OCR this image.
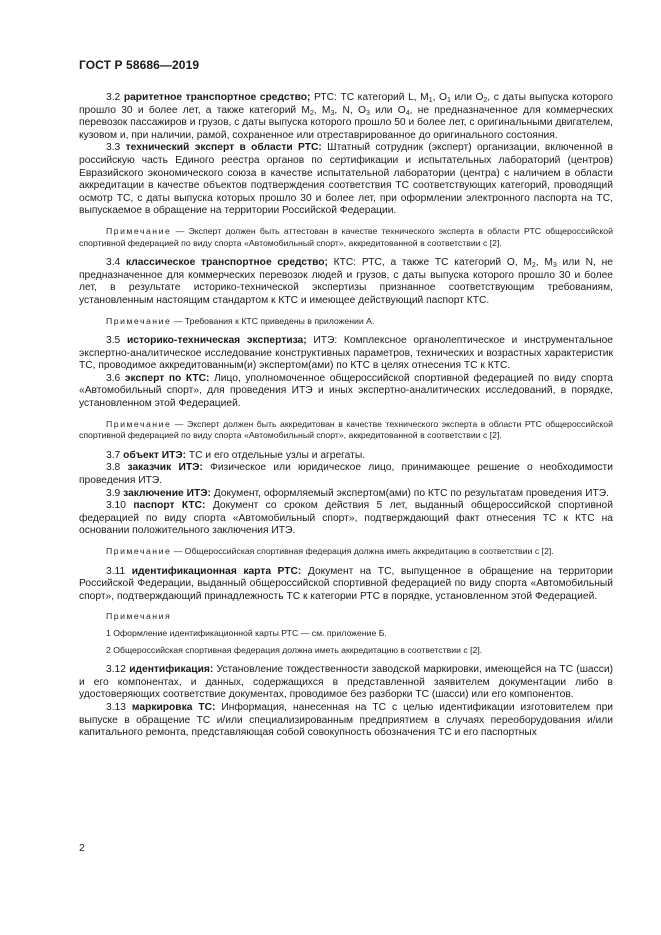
ГОСТ Р 58686—2019

3.2 раритетное транспортное средство; РТС: ТС категорий L, $M_1$, $O_1$ или $O_2$, с даты выпуска которого прошло 30 и более лет, а также категорий $M_2$, $M_3$, N, $O_3$ или $O_4$, не предназначенное для коммерческих перевозок пассажиров и грузов, с даты выпуска которого прошло 50 и более лет, с оригинальными двигателем, кузовом и, при наличии, рамой, сохраненное или отреставрированное до оригинального состояния.

3.3 технический эксперт в области РТС: Штатный сотрудник (эксперт) организации, включенной в российскую часть Единого реестра органов по сертификации и испытательных лабораторий (центров) Евразийского экономического союза в качестве испытательной лаборатории (центра) с наличием в области аккредитации в качестве объектов подтверждения соответствия ТС соответствующих категорий, проводящий осмотр ТС, с даты выпуска которых прошло 30 и более лет, при оформлении электронного паспорта на ТС, выпускаемое в обращение на территории Российской Федерации.

Примечание — Эксперт должен быть аттестован в качестве технического эксперта в области РТС общероссийской спортивной федерацией по виду спорта «Автомобильный спорт», аккредитованной в соответствии с [2].

3.4 классическое транспортное средство; КТС: РТС, а также ТС категорий O, $M_2$, $M_3$ или N, не предназначенное для коммерческих перевозок людей и грузов, с даты выпуска которого прошло 30 и более лет, в результате историко-технической экспертизы признанное соответствующим требованиям, установленным настоящим стандартом к КТС и имеющее действующий паспорт КТС.

Примечание — Требования к КТС приведены в приложении А.

3.5 историко-техническая экспертиза; ИТЭ: Комплексное органолептическое и инструментальное экспертно-аналитическое исследование конструктивных параметров, технических и возрастных характеристик ТС, проводимое аккредитованным(и) экспертом(ами) по КТС в целях отнесения ТС к КТС.

3.6 эксперт по КТС: Лицо, уполномоченное общероссийской спортивной федерацией по виду спорта «Автомобильный спорт», для проведения ИТЭ и иных экспертно-аналитических исследований, в порядке, установленном этой Федерацией.

Примечание — Эксперт должен быть аккредитован в качестве технического эксперта в области РТС общероссийской спортивной федерацией по виду спорта «Автомобильный спорт», аккредитованной в соответствии с [2].

3.7 объект ИТЭ: ТС и его отдельные узлы и агрегаты.

3.8 заказчик ИТЭ: Физическое или юридическое лицо, принимающее решение о необходимости проведения ИТЭ.

3.9 заключение ИТЭ: Документ, оформляемый экспертом(ами) по КТС по результатам проведения ИТЭ.

3.10 паспорт КТС: Документ со сроком действия 5 лет, выданный общероссийской спортивной федерацией по виду спорта «Автомобильный спорт», подтверждающий факт отнесения ТС к КТС на основании положительного заключения ИТЭ.

Примечание — Общероссийская спортивная федерация должна иметь аккредитацию в соответствии с [2].

3.11 идентификационная карта РТС: Документ на ТС, выпущенное в обращение на территории Российской Федерации, выданный общероссийской спортивной федерацией по виду спорта «Автомобильный спорт», подтверждающий принадлежность ТС к категории РТС в порядке, установленном этой Федерацией.

Примечания

1 Оформление идентификационной карты РТС — см. приложение Б.

2 Общероссийская спортивная федерация должна иметь аккредитацию в соответствии с [2].

3.12 идентификация: Установление тождественности заводской маркировки, имеющейся на ТС (шасси) и его компонентах, и данных, содержащихся в представленной заявителем документации либо в удостоверяющих соответствие документах, проводимое без разборки ТС (шасси) или его компонентов.

3.13 маркировка ТС: Информация, нанесенная на ТС с целью идентификации изготовителем при выпуске в обращение ТС и/или специализированным предприятием в случаях переоборудования и/или капитального ремонта, представляющая собой совокупность обозначения ТС и его паспортных

2
